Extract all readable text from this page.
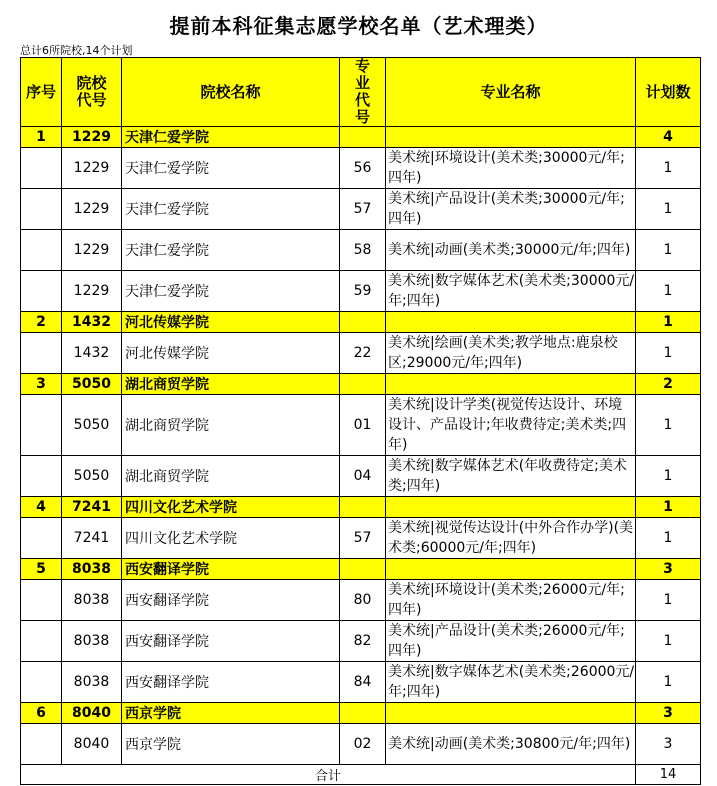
提前本科征集志愿学校名单（艺术理类）
总计6所院校,14个计划
序号	院校代号	院校名称	专业代号	专业名称	计划数
1	1229	天津仁爱学院			4
	1229	天津仁爱学院	56	美术统|环境设计(美术类;30000元/年;四年)	1
	1229	天津仁爱学院	57	美术统|产品设计(美术类;30000元/年;四年)	1
	1229	天津仁爱学院	58	美术统|动画(美术类;30000元/年;四年)	1
	1229	天津仁爱学院	59	美术统|数字媒体艺术(美术类;30000元/年;四年)	1
2	1432	河北传媒学院			1
	1432	河北传媒学院	22	美术统|绘画(美术类;教学地点:鹿泉校区;29000元/年;四年)	1
3	5050	湖北商贸学院			2
	5050	湖北商贸学院	01	美术统|设计学类(视觉传达设计、环境设计、产品设计;年收费待定;美术类;四年)	1
	5050	湖北商贸学院	04	美术统|数字媒体艺术(年收费待定;美术类;四年)	1
4	7241	四川文化艺术学院			1
	7241	四川文化艺术学院	57	美术统|视觉传达设计(中外合作办学)(美术类;60000元/年;四年)	1
5	8038	西安翻译学院			3
	8038	西安翻译学院	80	美术统|环境设计(美术类;26000元/年;四年)	1
	8038	西安翻译学院	82	美术统|产品设计(美术类;26000元/年;四年)	1
	8038	西安翻译学院	84	美术统|数字媒体艺术(美术类;26000元/年;四年)	1
6	8040	西京学院			3
	8040	西京学院	02	美术统|动画(美术类;30800元/年;四年)	3
合计					14
